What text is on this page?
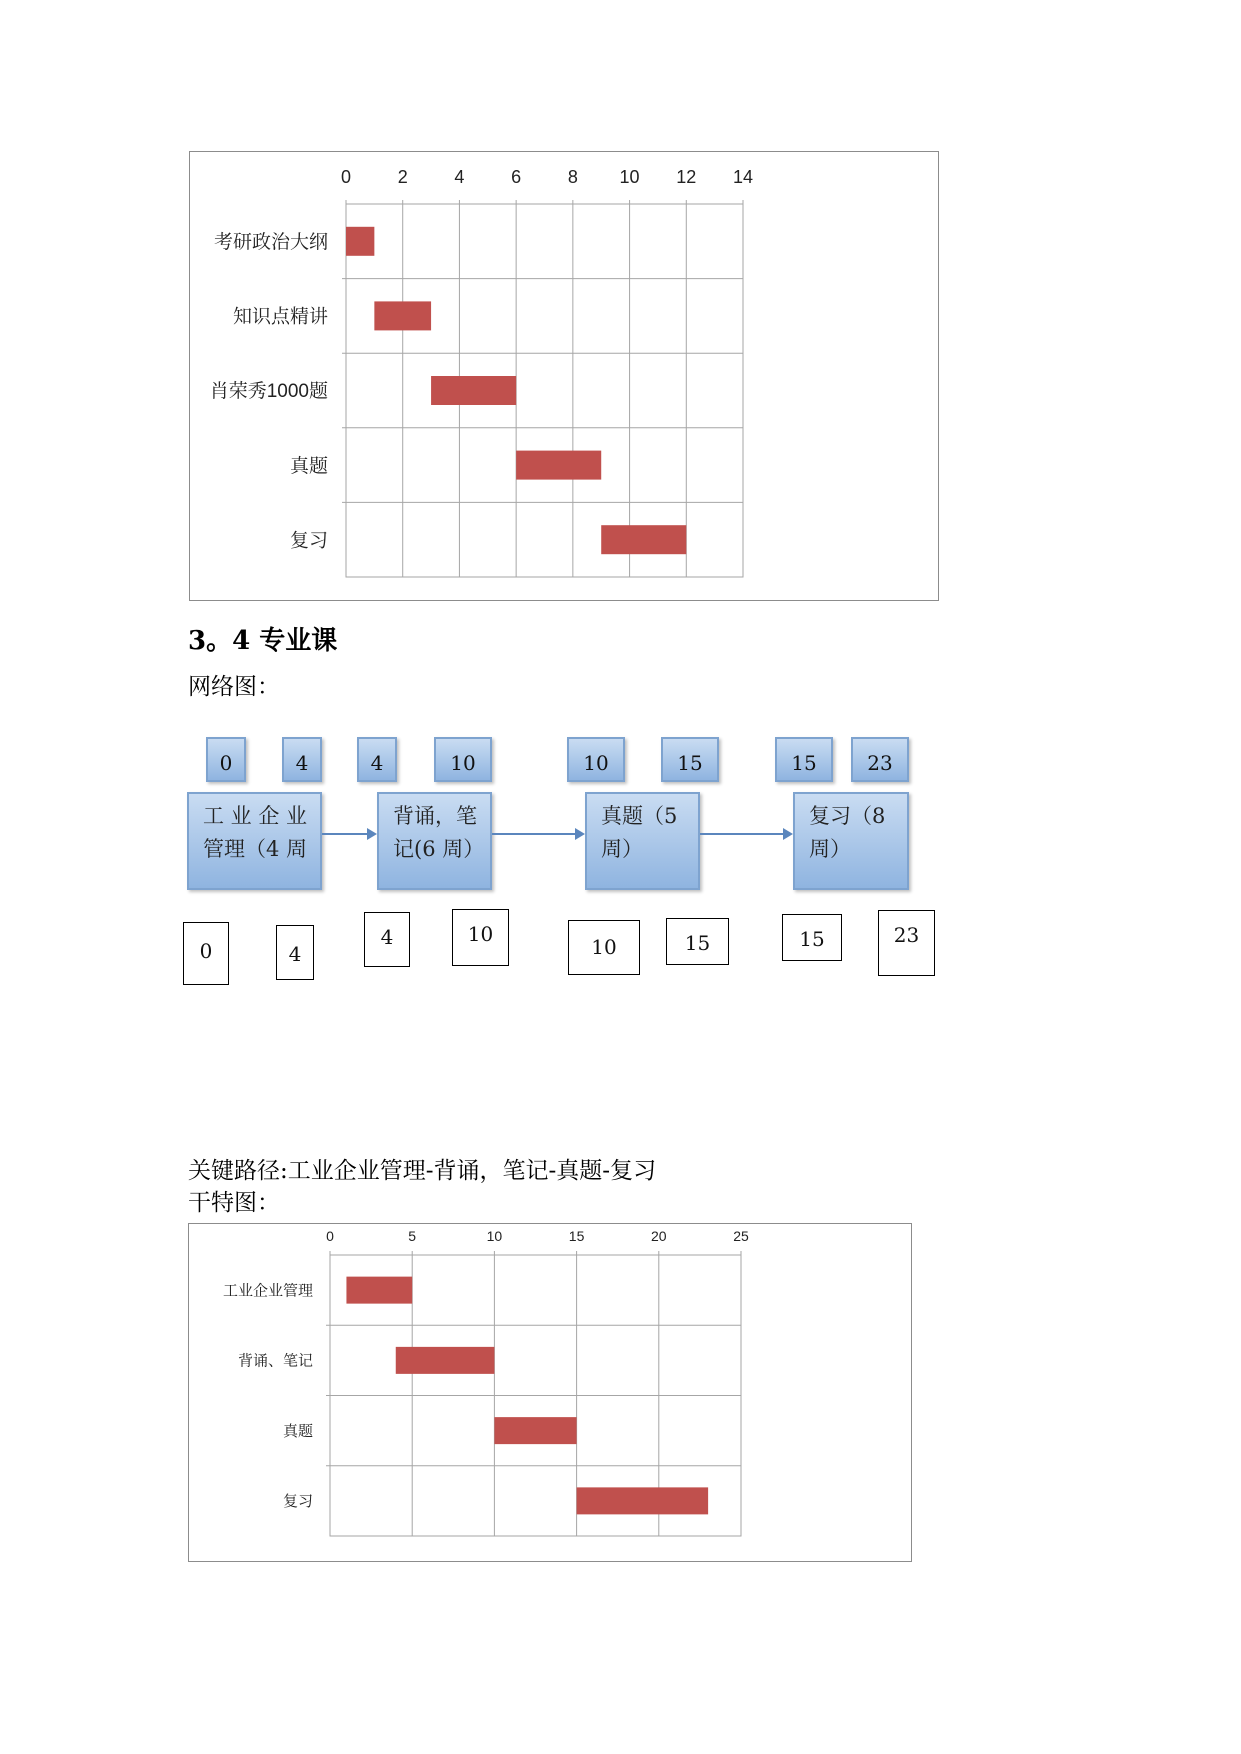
0	2	4	6	8 10 12 14
考研政治大纲
知识点精讲
肖荣秀1000题
真题
复习
3。4 专业课
网络图：
0	4	4	10	10	15	15	23
工 业 企 业 管理（4 周
背诵，笔 记(6 周）
真题（5 周）
复习（8 周）
0	4
4	10
10	15	15	23
关键路径:工业企业管理-背诵，笔记-真题-复习
干特图：
0	5	10	15	20	25
工业企业管理
背诵、笔记
真题
复习
